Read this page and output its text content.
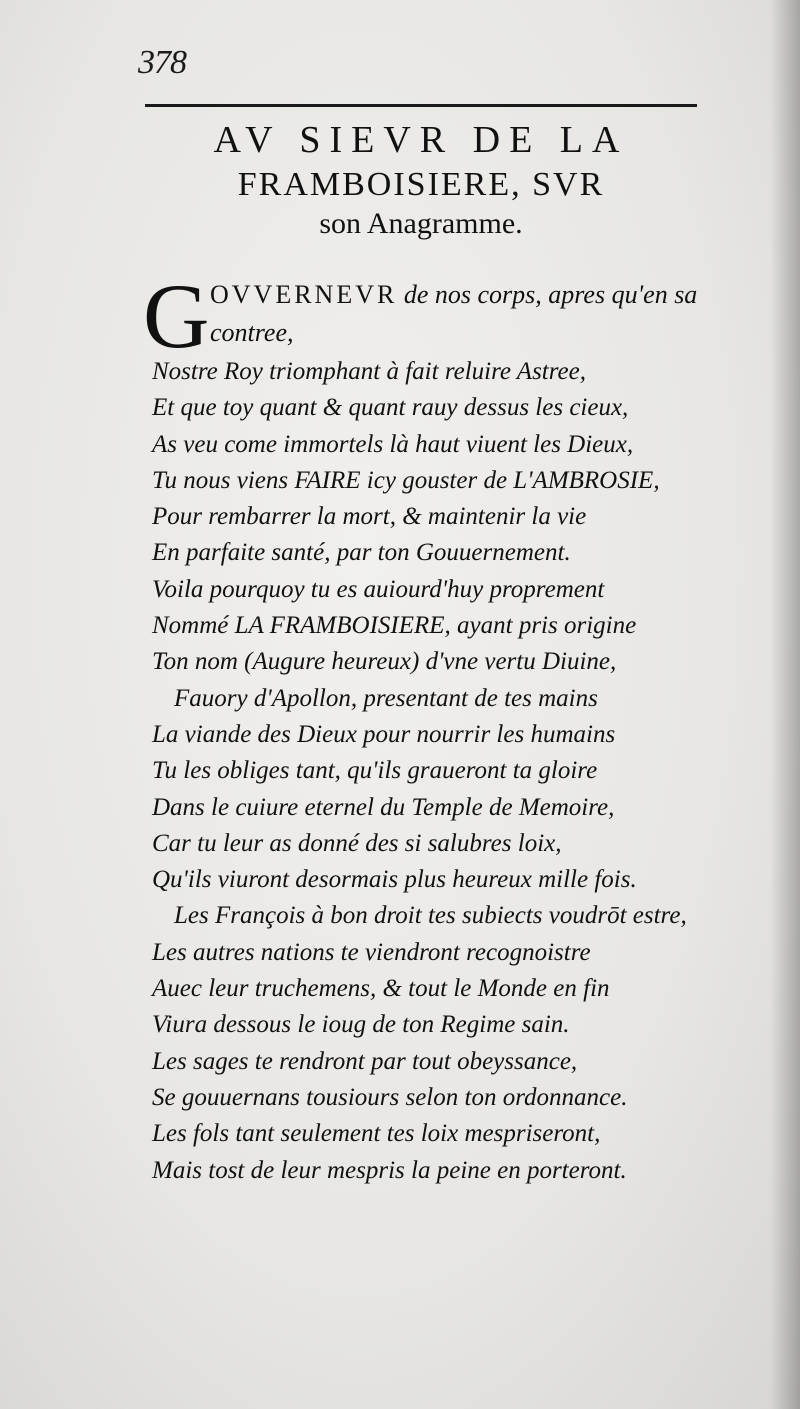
378
AV SIEVR DE LA
FRAMBOISIERE, SVR
son Anagramme.
G OVVERNEVR de nos corps, apres qu'en sa
contree,
Nostre Roy triomphant à fait reluire Astree,
Et que toy quant & quant rauy dessus les cieux,
As veu come immortels là haut viuent les Dieux,
Tu nous viens FAIRE icy gouster de L'AMBROSIE,
Pour rembarrer la mort, & maintenir la vie
En parfaite santé, par ton Gouuernement.
Voila pourquoy tu es auiourd'huy proprement
Nommé LA FRAMBOISIERE, ayant pris origine
Ton nom (Augure heureux) d'vne vertu Diuine,
Fauory d'Apollon, presentant de tes mains
La viande des Dieux pour nourrir les humains
Tu les obliges tant, qu'ils graueront ta gloire
Dans le cuiure eternel du Temple de Memoire,
Car tu leur as donné des si salubres loix,
Qu'ils viuront desormais plus heureux mille fois.
Les François à bon droit tes subiects voudrōt estre,
Les autres nations te viendront recognoistre
Auec leur truchemens, & tout le Monde en fin
Viura dessous le ioug de ton Regime sain.
Les sages te rendront par tout obeyssance,
Se gouuernans tousiours selon ton ordonnance.
Les fols tant seulement tes loix mespriseront,
Mais tost de leur mespris la peine en porteront.
